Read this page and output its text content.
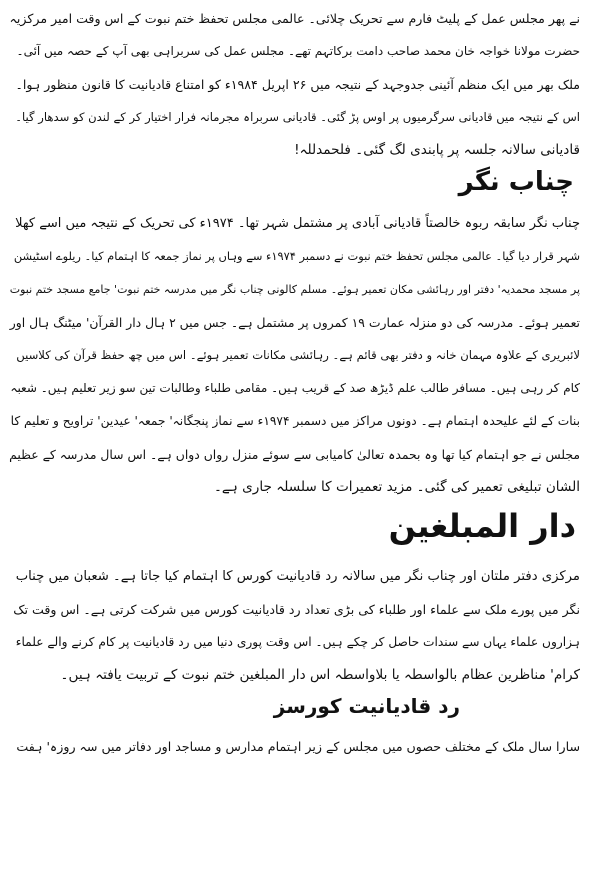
نے پھر مجلس عمل کے پلیٹ فارم سے تحریک چلائی۔ عالمی مجلس تحفظ ختم نبوت کے اس وقت امیر مرکزیہ

حضرت مولانا خواجہ خان محمد صاحب دامت برکاتہم تھے۔ مجلس عمل کی سربراہی بھی آپ کے حصہ میں آئی۔

ملک بھر میں ایک منظم آئینی جدوجہد کے نتیجہ میں ۲۶ اپریل ۱۹۸۴ء کو امتناع قادیانیت کا قانون منظور ہوا۔

اس کے نتیجہ میں قادیانی سرگرمیوں پر اوس پڑ گئی۔ قادیانی سربراہ مجرمانہ فرار اختیار کر کے لندن کو سدھار گیا۔

قادیانی سالانہ جلسہ پر پابندی لگ گئی۔ فلحمدللہ!

چناب نگر

چناب نگر سابقہ ربوہ خالصتاً قادیانی آبادی پر مشتمل شہر تھا۔ ۱۹۷۴ء کی تحریک کے نتیجہ میں اسے کھلا

شہر قرار دیا گیا۔ عالمی مجلس تحفظ ختم نبوت نے دسمبر ۱۹۷۴ء سے وہاں پر نماز جمعہ کا اہتمام کیا۔ ریلوے اسٹیشن

پر مسجد محمدیہ' دفتر اور رہائشی مکان تعمیر ہوئے۔ مسلم کالونی چناب نگر میں مدرسہ ختم نبوت' جامع مسجد ختم نبوت

تعمیر ہوئے۔ مدرسہ کی دو منزلہ عمارت ۱۹ کمروں پر مشتمل ہے۔ جس میں ۲ ہال دار القرآن' میٹنگ ہال اور

لائبریری کے علاوہ مہمان خانہ و دفتر بھی قائم ہے۔ رہائشی مکانات تعمیر ہوئے۔ اس میں چھ حفظ قرآن کی کلاسیں

کام کر رہی ہیں۔ مسافر طالب علم ڈیڑھ صد کے قریب ہیں۔ مقامی طلباء وطالبات تین سو زیر تعلیم ہیں۔ شعبہ

بنات کے لئے علیحدہ اہتمام ہے۔ دونوں مراکز میں دسمبر ۱۹۷۴ء سے نماز پنجگانہ' جمعہ' عیدین' تراویح و تعلیم کا

مجلس نے جو اہتمام کیا تھا وہ بحمدہ تعالیٰ کامیابی سے سوئے منزل رواں دواں ہے۔ اس سال مدرسہ کے عظیم

الشان تبلیغی تعمیر کی گئی۔ مزید تعمیرات کا سلسلہ جاری ہے۔

دار المبلغین

مرکزی دفتر ملتان اور چناب نگر میں سالانہ رد قادیانیت کورس کا اہتمام کیا جاتا ہے۔ شعبان میں چناب

نگر میں پورے ملک سے علماء اور طلباء کی بڑی تعداد رد قادیانیت کورس میں شرکت کرتی ہے۔ اس وقت تک

ہزاروں علماء یہاں سے سندات حاصل کر چکے ہیں۔ اس وقت پوری دنیا میں رد قادیانیت پر کام کرنے والے علماء

کرام' مناظرین عظام بالواسطہ یا بلاواسطہ اس دار المبلغین ختم نبوت کے تربیت یافتہ ہیں۔

رد قادیانیت کورسز

سارا سال ملک کے مختلف حصوں میں مجلس کے زیر اہتمام مدارس و مساجد اور دفاتر میں سہ روزہ' ہفت
